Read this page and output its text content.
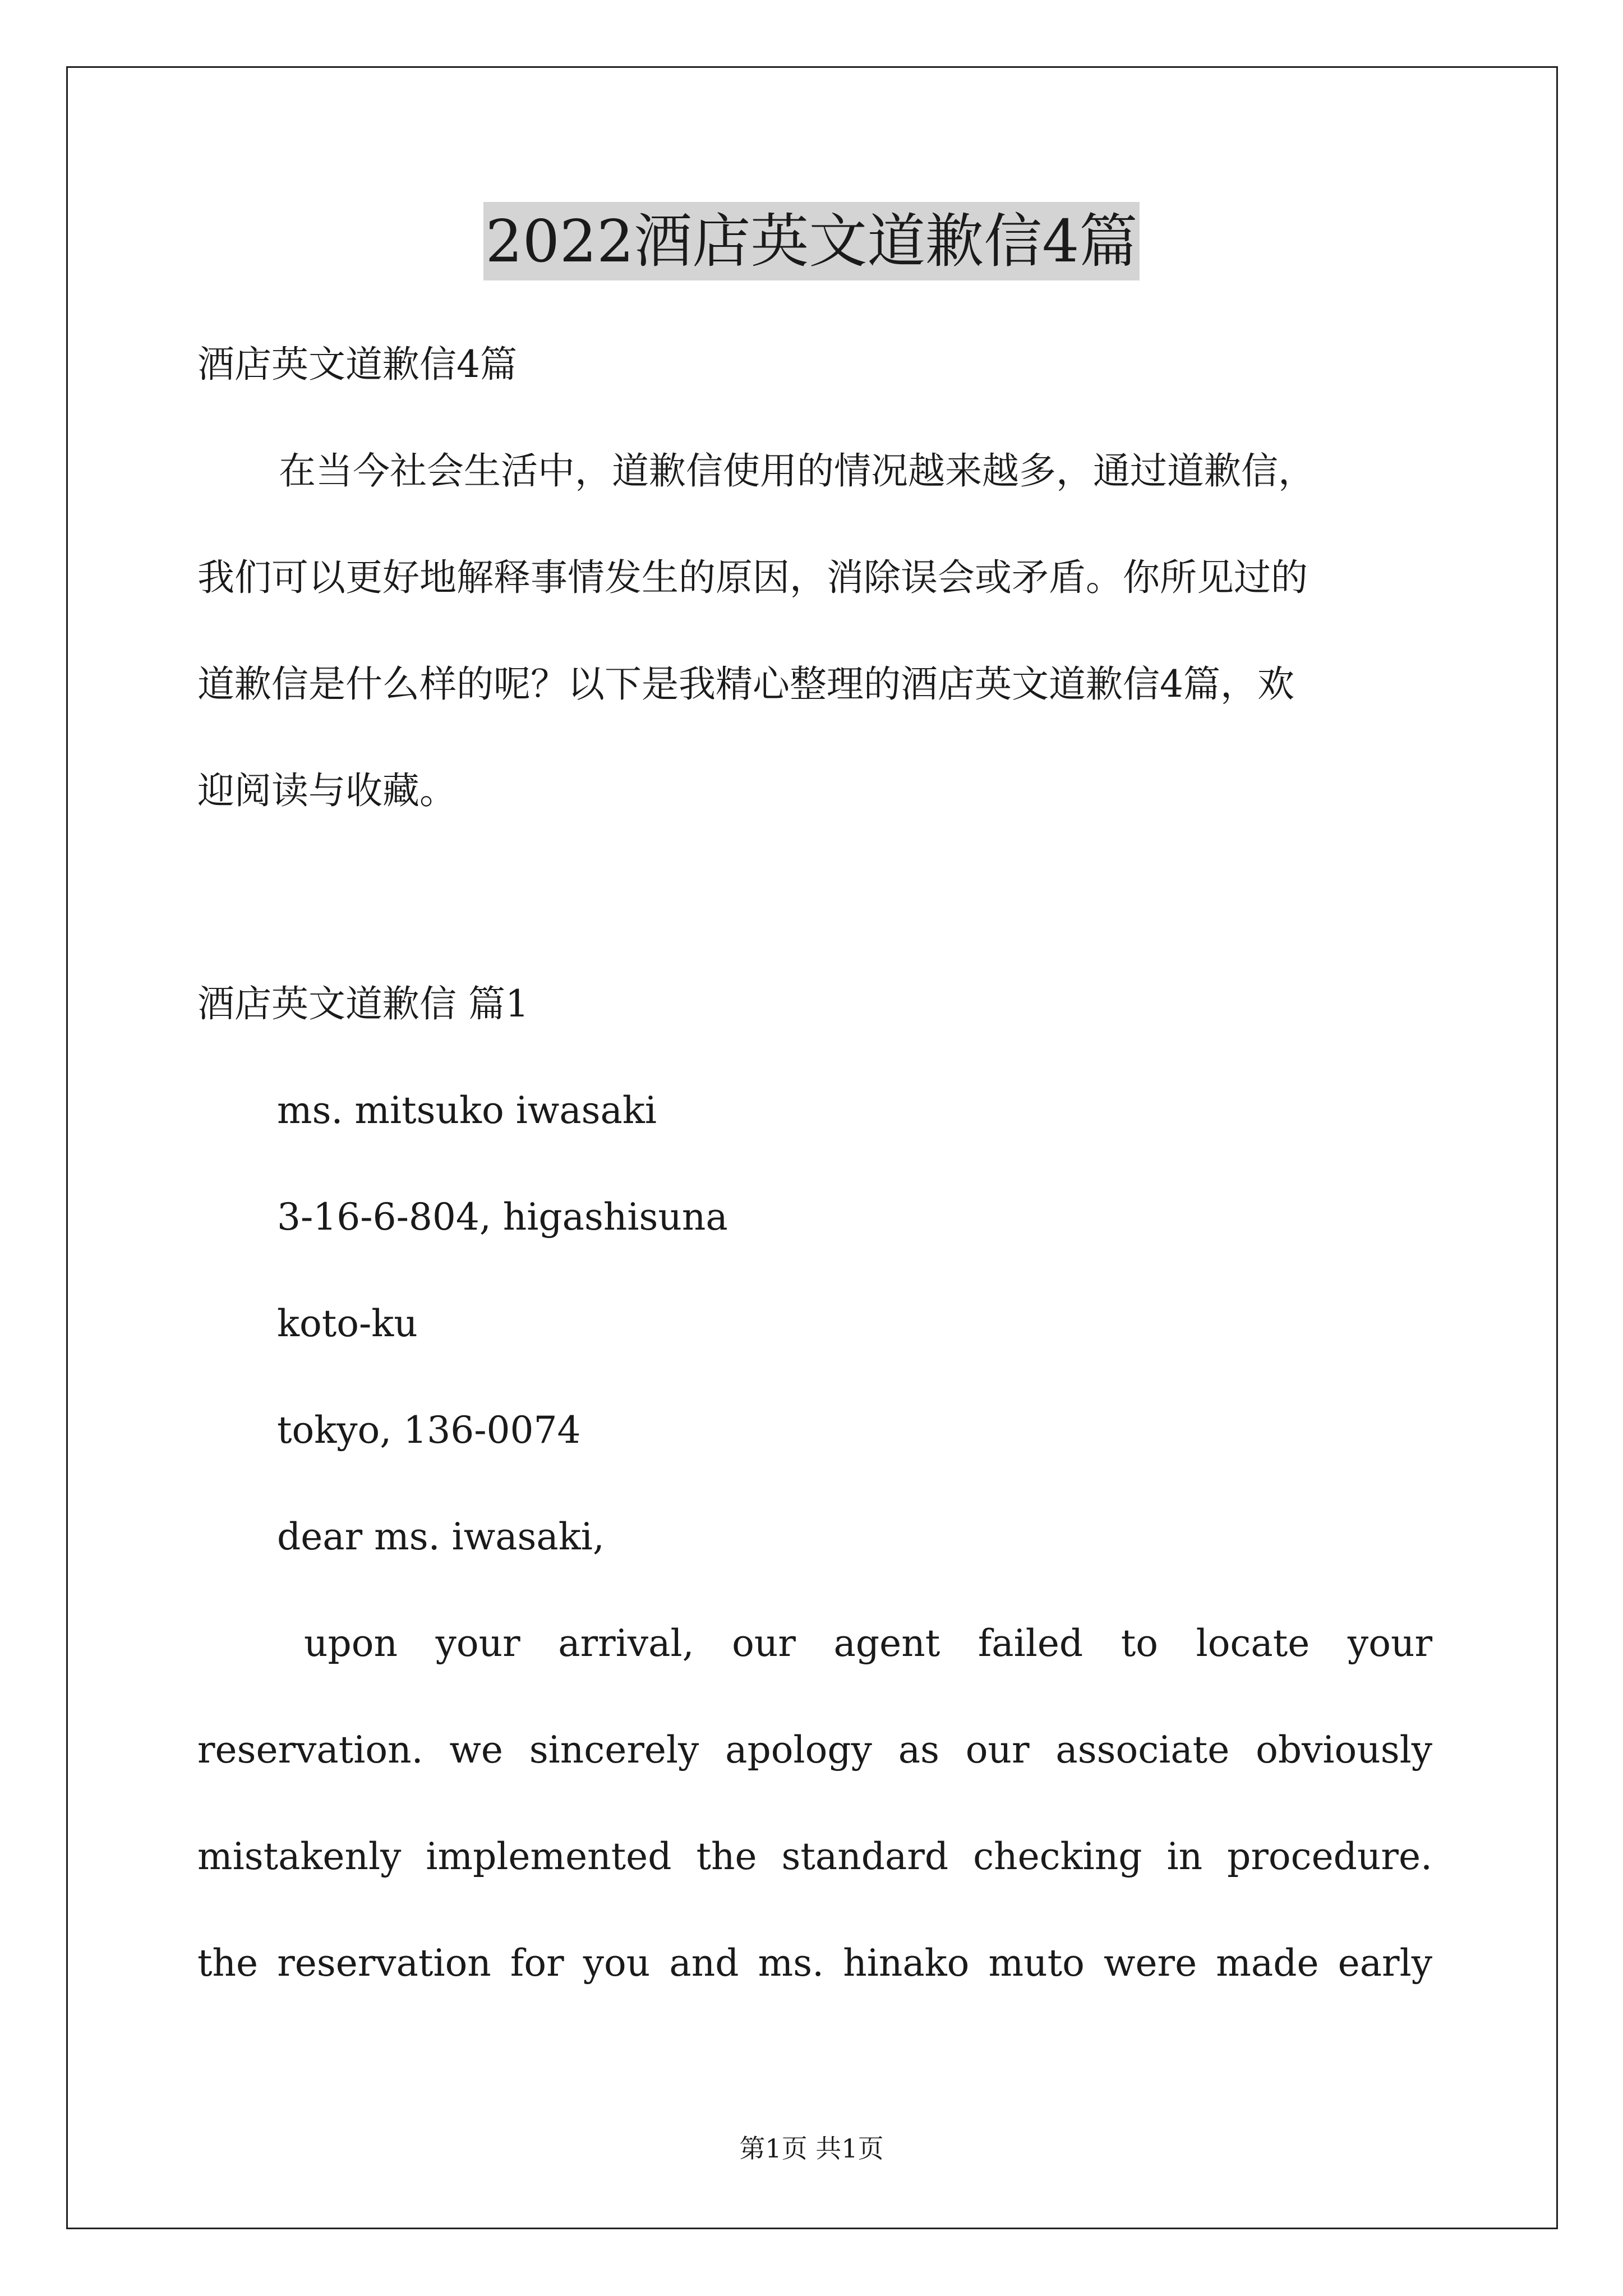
2022酒店英文道歉信4篇
酒店英文道歉信4篇
在当今社会生活中，道歉信使用的情况越来越多，通过道歉信，
我们可以更好地解释事情发生的原因，消除误会或矛盾。你所见过的
道歉信是什么样的呢？以下是我精心整理的酒店英文道歉信4篇，欢
迎阅读与收藏。
酒店英文道歉信 篇1
ms. mitsuko iwasaki
3-16-6-804, higashisuna
koto-ku
tokyo, 136-0074
dear ms. iwasaki,
upon your arrival, our agent failed to locate your
reservation. we sincerely apology as our associate obviously
mistakenly implemented the standard checking in procedure.
the reservation for you and ms. hinako muto were made early
第1页 共1页
